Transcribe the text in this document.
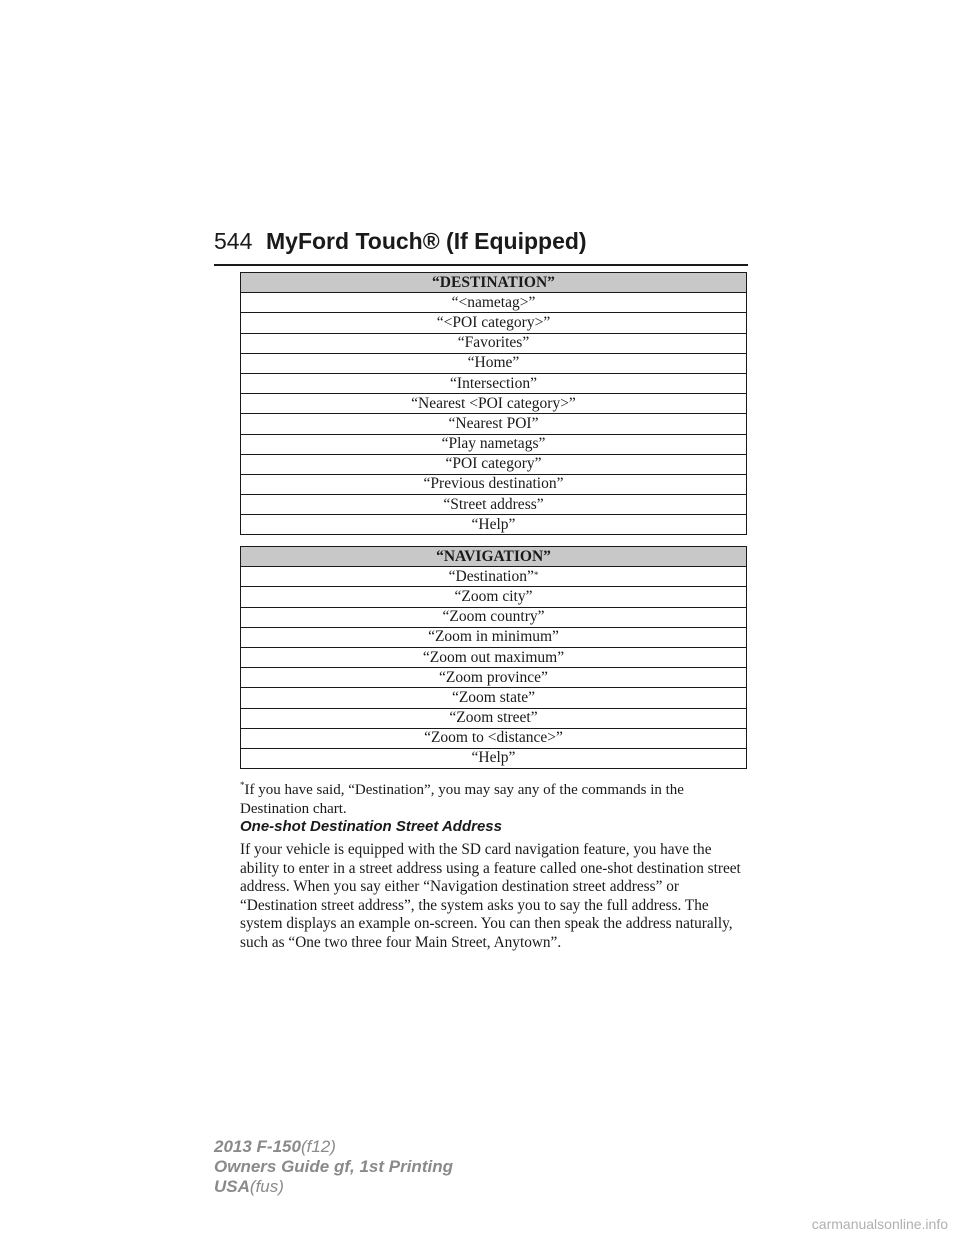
544 MyFord Touch® (If Equipped)
“DESTINATION”
“<nametag>”
“<POI category>”
“Favorites”
“Home”
“Intersection”
“Nearest <POI category>”
“Nearest POI”
“Play nametags”
“POI category”
“Previous destination”
“Street address”
“Help”
“NAVIGATION”
“Destination”*
“Zoom city”
“Zoom country”
“Zoom in minimum”
“Zoom out maximum”
“Zoom province”
“Zoom state”
“Zoom street”
“Zoom to <distance>”
“Help”
*If you have said, “Destination”, you may say any of the commands in the Destination chart.
One-shot Destination Street Address
If your vehicle is equipped with the SD card navigation feature, you have the ability to enter in a street address using a feature called one-shot destination street address. When you say either “Navigation destination street address” or “Destination street address”, the system asks you to say the full address. The system displays an example on-screen. You can then speak the address naturally, such as “One two three four Main Street, Anytown”.
2013 F-150(f12)
Owners Guide gf, 1st Printing
USA(fus)
carmanualsonline.info
